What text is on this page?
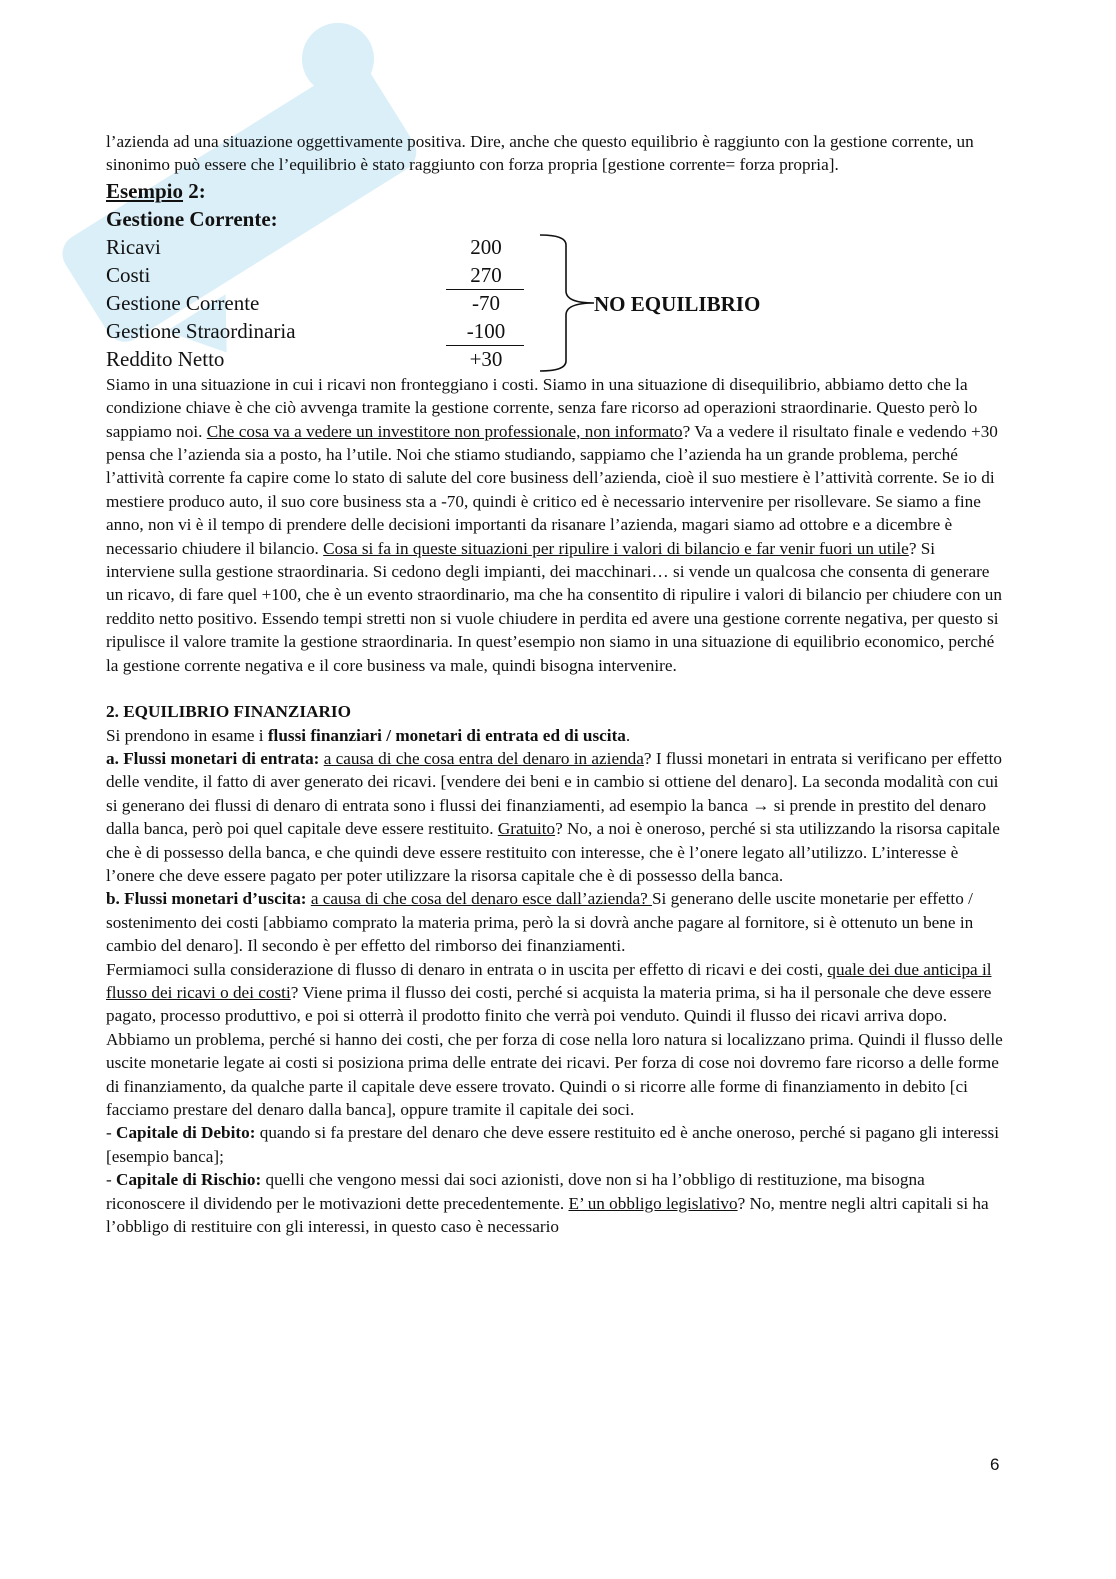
l’azienda ad una situazione oggettivamente positiva. Dire, anche che questo equilibrio è raggiunto con la gestione corrente, un sinonimo può essere che l’equilibrio è stato raggiunto con forza propria [gestione corrente= forza propria].

Esempio 2:
Gestione Corrente:
Ricavi	200
Costi	270
Gestione Corrente	-70
Gestione Straordinaria	-100
Reddito Netto	+30
NO EQUILIBRIO

Siamo in una situazione in cui i ricavi non fronteggiano i costi. Siamo in una situazione di disequilibrio, abbiamo detto che la condizione chiave è che ciò avvenga tramite la gestione corrente, senza fare ricorso ad operazioni straordinarie. Questo però lo sappiamo noi. Che cosa va a vedere un investitore non professionale, non informato? Va a vedere il risultato finale e vedendo +30 pensa che l’azienda sia a posto, ha l’utile. Noi che stiamo studiando, sappiamo che l’azienda ha un grande problema, perché l’attività corrente fa capire come lo stato di salute del core business dell’azienda, cioè il suo mestiere è l’attività corrente. Se io di mestiere produco auto, il suo core business sta a -70, quindi è critico ed è necessario intervenire per risollevare. Se siamo a fine anno, non vi è il tempo di prendere delle decisioni importanti da risanare l’azienda, magari siamo ad ottobre e a dicembre è necessario chiudere il bilancio. Cosa si fa in queste situazioni per ripulire i valori di bilancio e far venir fuori un utile? Si interviene sulla gestione straordinaria. Si cedono degli impianti, dei macchinari… si vende un qualcosa che consenta di generare un ricavo, di fare quel +100, che è un evento straordinario, ma che ha consentito di ripulire i valori di bilancio per chiudere con un reddito netto positivo. Essendo tempi stretti non si vuole chiudere in perdita ed avere una gestione corrente negativa, per questo si ripulisce il valore tramite la gestione straordinaria. In quest’esempio non siamo in una situazione di equilibrio economico, perché la gestione corrente negativa e il core business va male, quindi bisogna intervenire.

2. EQUILIBRIO FINANZIARIO

Si prendono in esame i flussi finanziari / monetari di entrata ed di uscita.

a. Flussi monetari di entrata: a causa di che cosa entra del denaro in azienda? I flussi monetari in entrata si verificano per effetto delle vendite, il fatto di aver generato dei ricavi. [vendere dei beni e in cambio si ottiene del denaro]. La seconda modalità con cui si generano dei flussi di denaro di entrata sono i flussi dei finanziamenti, ad esempio la banca → si prende in prestito del denaro dalla banca, però poi quel capitale deve essere restituito. Gratuito? No, a noi è oneroso, perché si sta utilizzando la risorsa capitale che è di possesso della banca, e che quindi deve essere restituito con interesse, che è l’onere legato all’utilizzo. L’interesse è l’onere che deve essere pagato per poter utilizzare la risorsa capitale che è di possesso della banca.

b. Flussi monetari d’uscita: a causa di che cosa del denaro esce dall’azienda? Si generano delle uscite monetarie per effetto / sostenimento dei costi [abbiamo comprato la materia prima, però la si dovrà anche pagare al fornitore, si è ottenuto un bene in cambio del denaro]. Il secondo è per effetto del rimborso dei finanziamenti.

Fermiamoci sulla considerazione di flusso di denaro in entrata o in uscita per effetto di ricavi e dei costi, quale dei due anticipa il flusso dei ricavi o dei costi? Viene prima il flusso dei costi, perché si acquista la materia prima, si ha il personale che deve essere pagato, processo produttivo, e poi si otterrà il prodotto finito che verrà poi venduto. Quindi il flusso dei ricavi arriva dopo. Abbiamo un problema, perché si hanno dei costi, che per forza di cose nella loro natura si localizzano prima. Quindi il flusso delle uscite monetarie legate ai costi si posiziona prima delle entrate dei ricavi. Per forza di cose noi dovremo fare ricorso a delle forme di finanziamento, da qualche parte il capitale deve essere trovato. Quindi o si ricorre alle forme di finanziamento in debito [ci facciamo prestare del denaro dalla banca], oppure tramite il capitale dei soci.

- Capitale di Debito: quando si fa prestare del denaro che deve essere restituito ed è anche oneroso, perché si pagano gli interessi [esempio banca];

- Capitale di Rischio: quelli che vengono messi dai soci azionisti, dove non si ha l’obbligo di restituzione, ma bisogna riconoscere il dividendo per le motivazioni dette precedentemente. E’ un obbligo legislativo? No, mentre negli altri capitali si ha l’obbligo di restituire con gli interessi, in questo caso è necessario

6
